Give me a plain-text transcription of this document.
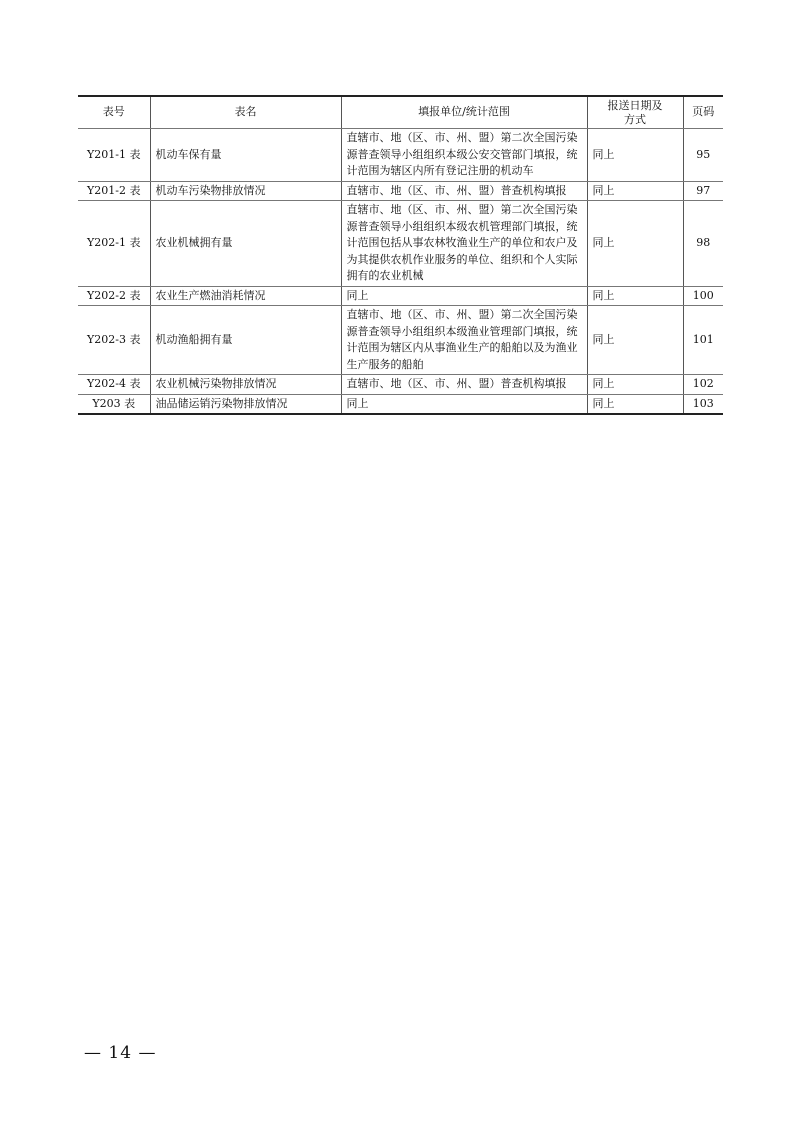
表号	表名	填报单位/统计范围	报送日期及方式	页码
Y201-1 表	机动车保有量	直辖市、地（区、市、州、盟）第二次全国污染源普查领导小组组织本级公安交管部门填报，统计范围为辖区内所有登记注册的机动车	同上	95
Y201-2 表	机动车污染物排放情况	直辖市、地（区、市、州、盟）普查机构填报	同上	97
Y202-1 表	农业机械拥有量	直辖市、地（区、市、州、盟）第二次全国污染源普查领导小组组织本级农机管理部门填报，统计范围包括从事农林牧渔业生产的单位和农户及为其提供农机作业服务的单位、组织和个人实际拥有的农业机械	同上	98
Y202-2 表	农业生产燃油消耗情况	同上	同上	100
Y202-3 表	机动渔船拥有量	直辖市、地（区、市、州、盟）第二次全国污染源普查领导小组组织本级渔业管理部门填报，统计范围为辖区内从事渔业生产的船舶以及为渔业生产服务的船舶	同上	101
Y202-4 表	农业机械污染物排放情况	直辖市、地（区、市、州、盟）普查机构填报	同上	102
Y203 表	油品储运销污染物排放情况	同上	同上	103
— 14 —
